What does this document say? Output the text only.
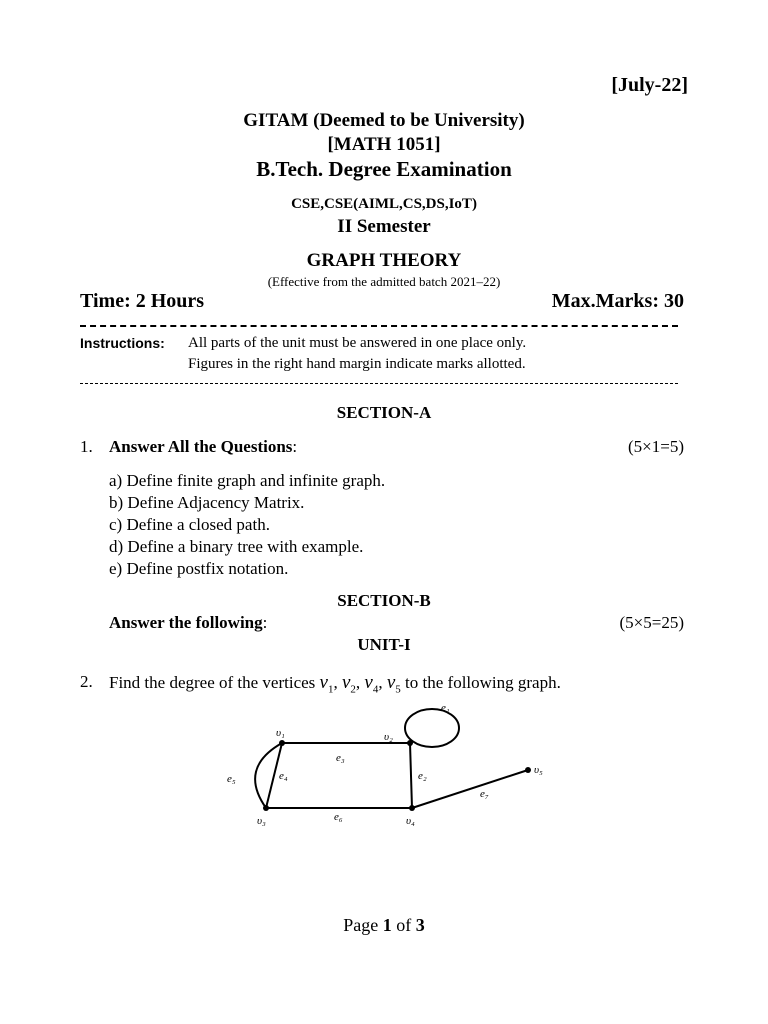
[July-22]
GITAM (Deemed to be University)
[MATH 1051]
B.Tech. Degree Examination
CSE,CSE(AIML,CS,DS,IoT)
II Semester
GRAPH THEORY
(Effective from the admitted batch 2021–22)
Time: 2 Hours	Max.Marks: 30
Instructions: All parts of the unit must be answered in one place only.
Figures in the right hand margin indicate marks allotted.
SECTION-A
1. Answer All the Questions:	(5×1=5)
a) Define finite graph and infinite graph.
b) Define Adjacency Matrix.
c) Define a closed path.
d) Define a binary tree with example.
e) Define postfix notation.
SECTION-B
Answer the following:	(5×5=25)
UNIT-I
2. Find the degree of the vertices $v_1$, $v_2$, $v_4$, $v_5$ to the following graph.
υ₁	υ₂
υ₃	υ₄
υ₅
e₁
e₂
e₃
e₄
e₅
e₆
e₇
Page 1 of 3
